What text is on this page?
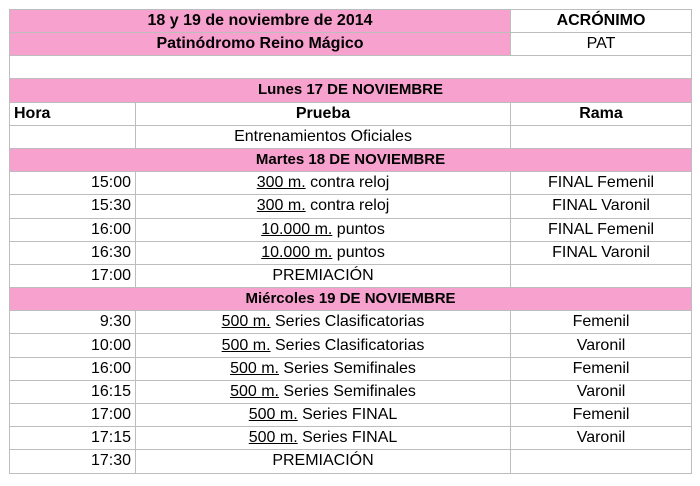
18 y 19 de noviembre de 2014		ACRÓNIMO
Patinódromo Reino Mágico		PAT

Lunes 17 DE NOVIEMBRE		
Hora	Prueba	Rama
	Entrenamientos Oficiales	
Martes 18 DE NOVIEMBRE		
15:00	300 m. contra reloj	FINAL Femenil
15:30	300 m. contra reloj	FINAL Varonil
16:00	10.000 m. puntos	FINAL Femenil
16:30	10.000 m. puntos	FINAL Varonil
17:00	PREMIACIÓN	
Miércoles 19 DE NOVIEMBRE		
9:30	500 m. Series Clasificatorias	Femenil
10:00	500 m. Series Clasificatorias	Varonil
16:00	500 m. Series Semifinales	Femenil
16:15	500 m. Series Semifinales	Varonil
17:00	500 m. Series FINAL	Femenil
17:15	500 m. Series FINAL	Varonil
17:30	PREMIACIÓN	
